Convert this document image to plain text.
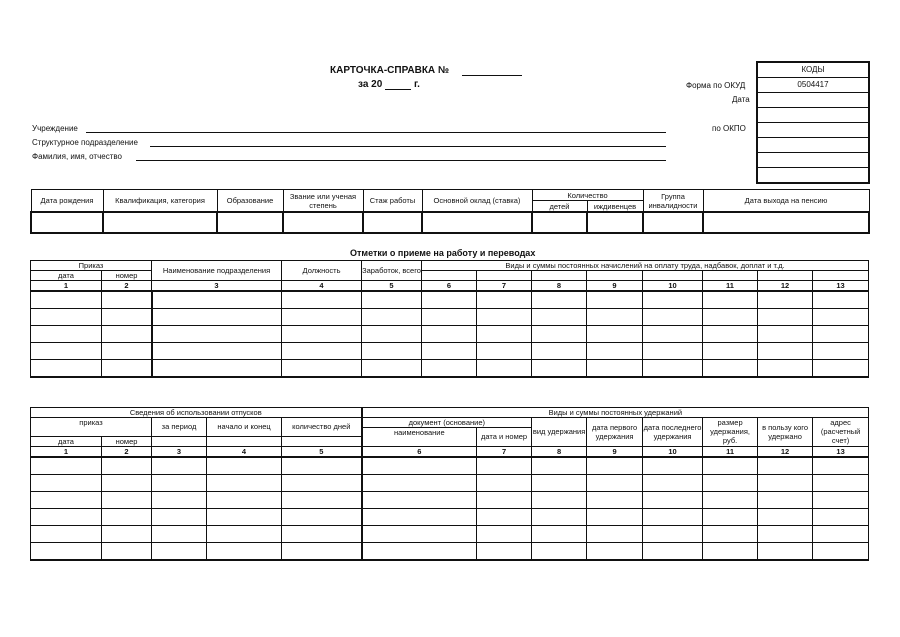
КАРТОЧКА-СПРАВКА №
за 20	г.	Форма по ОКУД
Дата
по ОКПО
КОДЫ
0504417
Учреждение
Структурное подразделение
Фамилия, имя, отчество
Дата рождения	Квалификация, категория	Образование	Звание или ученая степень	Стаж работы	Основной оклад (ставка)	Количество		Группа инвалидности	Дата выхода на пенсию
						детей	иждивенцев		

Отметки о приеме на работу и переводах
Приказ		Наименование подразделения	Должность	Заработок, всего	Виды и суммы постоянных начислений на оплату труда, надбавок, доплат и т.д.							
дата	номер											
1	2	3	4	5	6	7	8	9	10	11	12	13

Сведения об использовании отпусков					Виды и суммы постоянных удержаний							
приказ		за период	начало и конец	количество дней	документ (основание)		вид удержания	дата первого удержания	дата последнего удержания	размер удержания, руб.	в пользу кого удержано	адрес (расчетный счет)
					наименование	дата и номер						
дата	номер											
1	2	3	4	5	6	7	8	9	10	11	12	13
